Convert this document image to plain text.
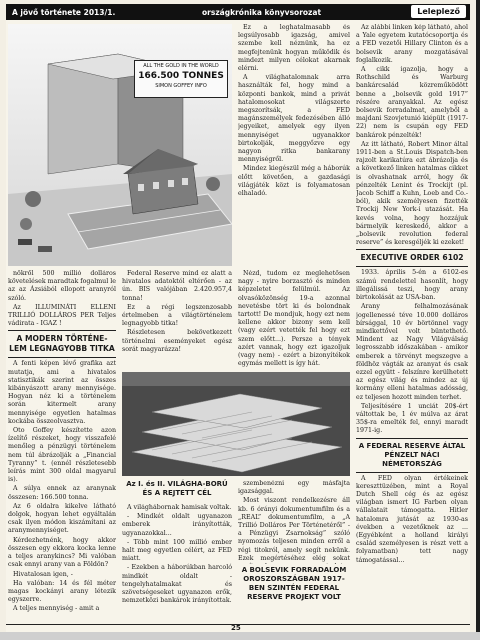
A jövő története 2013/1.	országkrónika könyvsorozat	Leleplező
ALL THE GOLD IN THE WORLD
166.500 TONNES
SIMON GOFFEY INFO

nőkről 500 millió dolláros követelések maradtak fogalmul le az az Ázsiából ellopott aranyról szóló.

Az ILLUMINÁTI ELLENI TRILLIÓ DOLLÁROS PER Teljes vádirata - IGAZ !

A MODERN TÖRTÉNE-LEM LEGNAGYOBB TITKA

A fenti képen lévő grafika azt mutatja, ami a hivatalos statisztikák szerint az összes kibányászott arany mennyisége. Hogyan néz ki a történelem során kitermelt arany mennyisége egyetlen hatalmas kockába összeolvasztva.

Oto Goffey készítette azon ízelítő részeket, hogy visszafelé menőleg a pénzügyi történelem nem túl ábrázolják a „Financial Tyranny” t. (ennél részletesebb leírás mint 300 oldal magyarul is).

A súlya ennek az aranynak összesen: 166.500 tonna.

Az 6 oldalra kikelve látható dolgok, hogyan lehet egyáltalán csak ilyen módon kiszámítani az aranymennyiséget.

Kérdezhetnénk, hogy akkor összesen egy ekkora kocka lenne a teljes aranykincs? Mi valóban csak ennyi arany van a Földön?

Hivatalosan igen, -

Ha valóban: 14 és fél méter magas kockányi arany létezik egyszerre.

A teljes mennyiség - amit a

Federal Reserve mind ez alatt a hivatalos adatoktól eltérően - az ún. BIS valójában 2.420.957,4 tonna!

Ez a régi legszenzosabb értelmeben a világtörténelem legnagyobb titka!

Részletesen bekövetkezett történelmi eseményeket egész sorát magyarázza!

Az I. és II. VILÁGHA-BORÚ ÉS A REJTETT CÉL

A világhábornak hamisak voltak.

- Mindkét oldalt ugyanazon emberek irányították, ugyanazokkal...

- Több mint 100 millió ember halt meg egyetlen célért, az FED miatt.

- Ezekben a háborúkban harcoló mindkét oldalt - tengelyhatalmakat és szövetségeseket ugyanazon erők, nemzetközi bankárok irányítottak.

Ez a leghatalmasabb és legsúlyosabb igazság, amivel szembe kell néznünk, ha ez megfejtenünk hogyan működik és mindezt milyen célokat akarnak elérni.

A világhatalomnak arra használták fel, hogy mind a központi bankok, mind a privát hatalomosokat világszerte megszorítsák, a FED magánszemélyek fedezésében álló jegyeiket, amelyek egy ilyen mennyiséget ugyanakkor birtokolják, meggyőzve egy nagyon ritka bankarany mennyiségről.

Mindez kiegészül még a háborúk előtt követően, a gazdasági világjáték közt is folyamatosan elhaladó.

Nézd, tudom ez meglehetősen nagy - nyire borzasztó és minden képzeletet felülmúl. Az olvasóközönség 19-a azonnal nevetésbe tört ki és bolondnak tartott! De mondjuk, hogy ezt nem kellene akkor bizony sem kell (vagy ezért vetették fel hogy ezt szem előtt...). Persze a tények azért vannak, hogy ezt igazoljuk (vagy nem) - ezért a bizonyítékok egymás mellett is így hát.

szembenézni egy másfajta igazsággal.

Most viszont rendelkezésre áll kb. 6 órányi dokumentumfilm és a „REAL” dokumentumfilm, a „A Trillió Dolláros Per Történetéről” - a Pénzügyi Zsarnokság” szóló nyomozás teljesen minden erről a régi titokról, amely segít nekünk. Ezek megértéséhez elég sokat

A BOLSEVIK FORRADALOM OROSZORSZÁGBAN 1917-BEN SZINTÉN FEDERAL RESERVE PROJEKT VOLT

Az alábbi linken kép látható, ahol a Yale egyetem kutatócsoportja és a FED vezetői Hillary Clinton és a bolsevik arany mozgatásával foglalkozik.

A cikk igazolja, hogy a Rothschild és Warburg bankárcsalád közreműködött benne a „bolsevik gold 1917” részére aranyakkal. Az egész bolsevik forradalmat, amelyből a majdani Szovjetunió kiépült (1917-22) nem is csupán egy FED bankárok pénzelték!

Az itt látható, Robert Minor által 1911-ben a St.Louis Dispatch-ben rajzolt karikatúra ezt ábrázolja és a következő linken hatalmas cikket is olvashatnak arról, hogy ők pénzelték Lenint és Trockijt (pl. Jacob Schiff a Kuhn, Loeb and Co.-ból), akik személyesen fizették Trockij New York-i utazását. Ha kevés volna, hogy hozzájuk bármelyik kereskedő, akkor a „bolsevik revolution federal reserve” és keresgéljék ki ezeket!

EXECUTIVE ORDER 6102

1933. április 5-én a 6102-es számú rendelettel hasonlít, hogy illegálissá teszi, hogy arany birtokolását az USA-ban.

Arany felhalmozásának jogellenessé téve 10.000 dolláros bírsággal, 10 év börtönnel vagy mindkettővel volt büntethető. Mindent az Nagy Világválság legrosszabb időszakában - amikor emberek a törvényt megszegve a földhöz vágták az aranyat és csak ezzel együtt - felszínre kerülhetett az egész világ és mindez az új kormány elleni hatalmas adósság, ez teljesen hozott minden terhet.

Teljesítésére 1 unciát 20$-ért váltottak be, 1 év múlva az árat 35$-ra emelték fel, ennyi maradt 1971-ig.

A FEDERAL RESERVE ÁLTAL PÉNZELT NÁCI NÉMETORSZÁG

A FED olyan értékeinek kereszttüzében, mint a Royal Dutch Shell cég és az egész világban ismert IG Farben olyan vállalatait támogatta. Hitler hatalomra jutását az 1930-as években a vezetőknek az ... (Egyébként a holland királyi család személyesen is részt vett a folyamatban) tett nagy támogatással...

25
